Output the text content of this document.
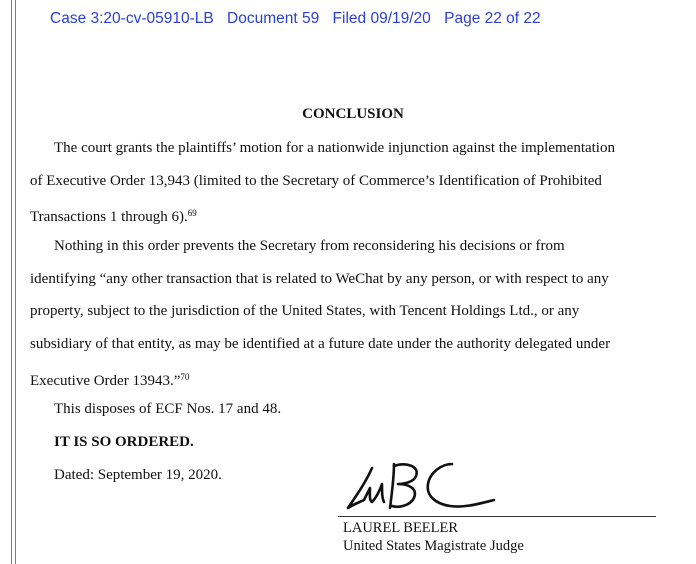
Case 3:20-cv-05910-LB Document 59 Filed 09/19/20 Page 22 of 22
CONCLUSION
The court grants the plaintiffs’ motion for a nationwide injunction against the implementation
of Executive Order 13,943 (limited to the Secretary of Commerce’s Identification of Prohibited
Transactions 1 through 6).$^{69}$
Nothing in this order prevents the Secretary from reconsidering his decisions or from
identifying “any other transaction that is related to WeChat by any person, or with respect to any
property, subject to the jurisdiction of the United States, with Tencent Holdings Ltd., or any
subsidiary of that entity, as may be identified at a future date under the authority delegated under
Executive Order 13943.”$^{70}$
This disposes of ECF Nos. 17 and 48.
IT IS SO ORDERED.
Dated: September 19, 2020.
LAUREL BEELER
United States Magistrate Judge
